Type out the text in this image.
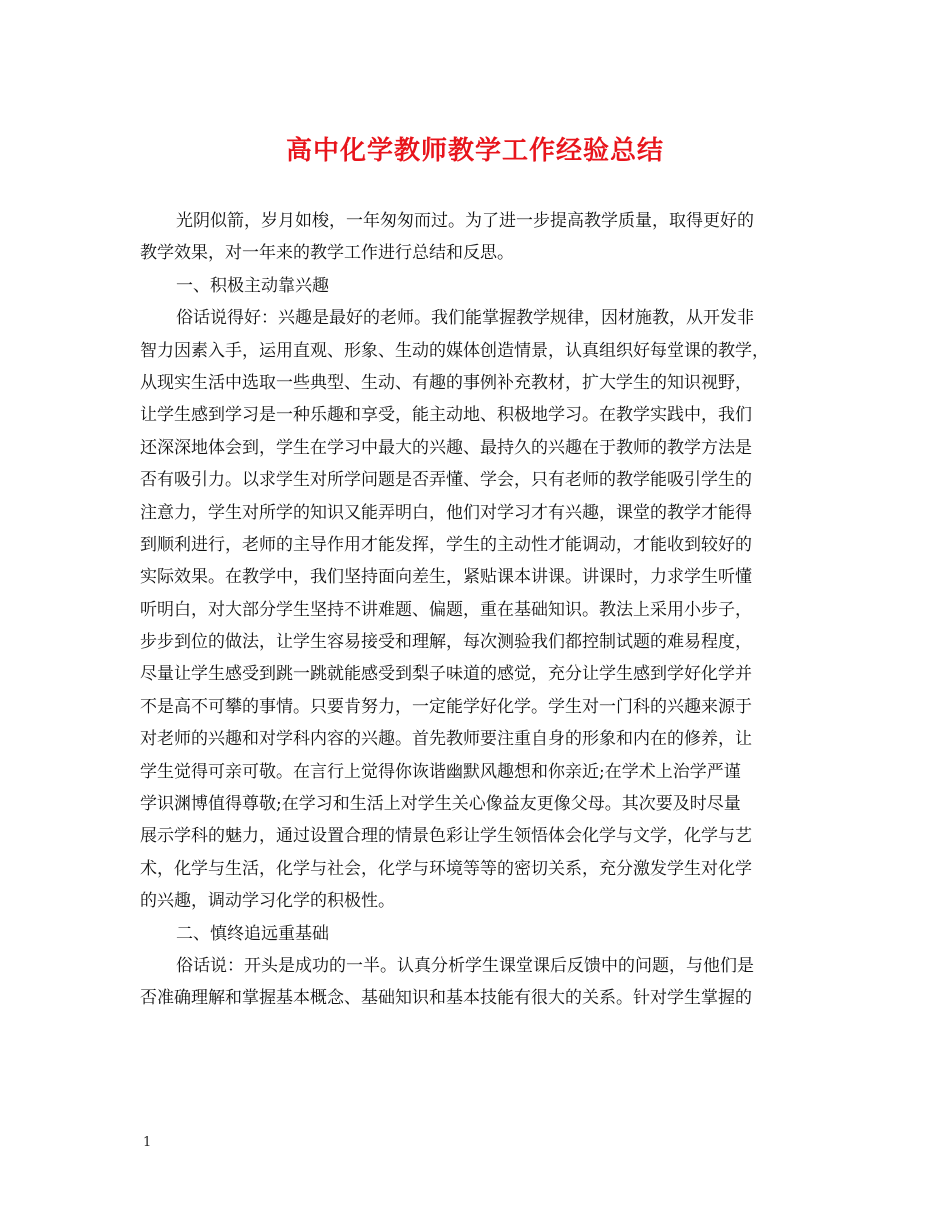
高中化学教师教学工作经验总结
光阴似箭，岁月如梭，一年匆匆而过。为了进一步提高教学质量，取得更好的
教学效果，对一年来的教学工作进行总结和反思。
一、积极主动靠兴趣
俗话说得好：兴趣是最好的老师。我们能掌握教学规律，因材施教，从开发非
智力因素入手，运用直观、形象、生动的媒体创造情景，认真组织好每堂课的教学，
从现实生活中选取一些典型、生动、有趣的事例补充教材，扩大学生的知识视野，
让学生感到学习是一种乐趣和享受，能主动地、积极地学习。在教学实践中，我们
还深深地体会到，学生在学习中最大的兴趣、最持久的兴趣在于教师的教学方法是
否有吸引力。以求学生对所学问题是否弄懂、学会，只有老师的教学能吸引学生的
注意力，学生对所学的知识又能弄明白，他们对学习才有兴趣，课堂的教学才能得
到顺利进行，老师的主导作用才能发挥，学生的主动性才能调动，才能收到较好的
实际效果。在教学中，我们坚持面向差生，紧贴课本讲课。讲课时，力求学生听懂
听明白，对大部分学生坚持不讲难题、偏题，重在基础知识。教法上采用小步子，
步步到位的做法，让学生容易接受和理解，每次测验我们都控制试题的难易程度，
尽量让学生感受到跳一跳就能感受到梨子味道的感觉，充分让学生感到学好化学并
不是高不可攀的事情。只要肯努力，一定能学好化学。学生对一门科的兴趣来源于
对老师的兴趣和对学科内容的兴趣。首先教师要注重自身的形象和内在的修养，让
学生觉得可亲可敬。在言行上觉得你诙谐幽默风趣想和你亲近;在学术上治学严谨
学识渊博值得尊敬;在学习和生活上对学生关心像益友更像父母。其次要及时尽量
展示学科的魅力，通过设置合理的情景色彩让学生领悟体会化学与文学，化学与艺
术，化学与生活，化学与社会，化学与环境等等的密切关系，充分激发学生对化学
的兴趣，调动学习化学的积极性。
二、慎终追远重基础
俗话说：开头是成功的一半。认真分析学生课堂课后反馈中的问题，与他们是
否准确理解和掌握基本概念、基础知识和基本技能有很大的关系。针对学生掌握的
1
